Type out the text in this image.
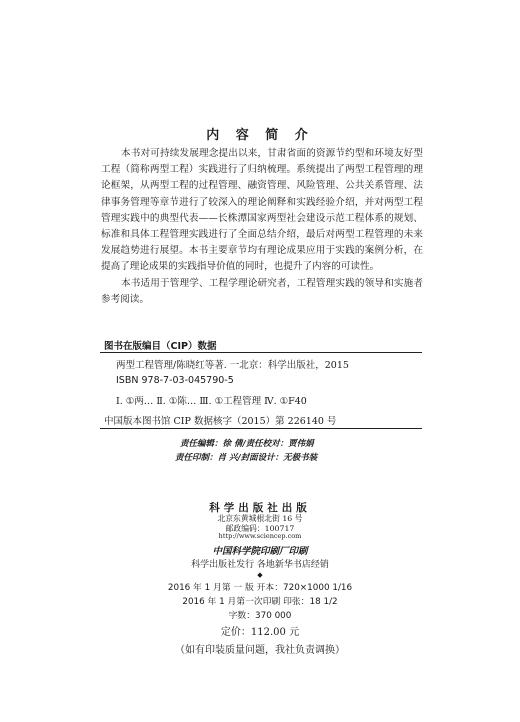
内 容 简 介

本书对可持续发展理念提出以来，甘肃省面的资源节约型和环境友好型工程（简称两型工程）实践进行了归纳梳理。系统提出了两型工程管理的理论框架，从两型工程的过程管理、融资管理、风险管理、公共关系管理、法律事务管理等章节进行了较深入的理论阐释和实践经验介绍，并对两型工程管理实践中的典型代表——长株潭国家两型社会建设示范工程体系的规划、标准和具体工程管理实践进行了全面总结介绍，最后对两型工程管理的未来发展趋势进行展望。本书主要章节均有理论成果应用于实践的案例分析，在提高了理论成果的实践指导价值的同时，也提升了内容的可读性。

本书适用于管理学、工程学理论研究者，工程管理实践的领导和实施者参考阅读。

图书在版编目（CIP）数据
两型工程管理/陈晓红等著. 一北京：科学出版社，2015
ISBN 978-7-03-045790-5
Ⅰ. ①两… Ⅱ. ①陈… Ⅲ. ①工程管理 Ⅳ. ①F40
中国版本图书馆 CIP 数据核字（2015）第 226140 号
责任编辑：徐 倩/责任校对：贾伟娟
责任印制：肖 兴/封面设计：无极书装
科学出版社出版
北京东黄城根北街 16 号
邮政编码：100717
http://www.sciencep.com
中国科学院印刷厂印刷
科学出版社发行 各地新华书店经销
◆
2016 年 1 月第 一 版 开本：720×1000 1/16
2016 年 1 月第一次印刷 印张：18 1/2
字数：370 000
定价：112.00 元
（如有印装质量问题，我社负责调换）
